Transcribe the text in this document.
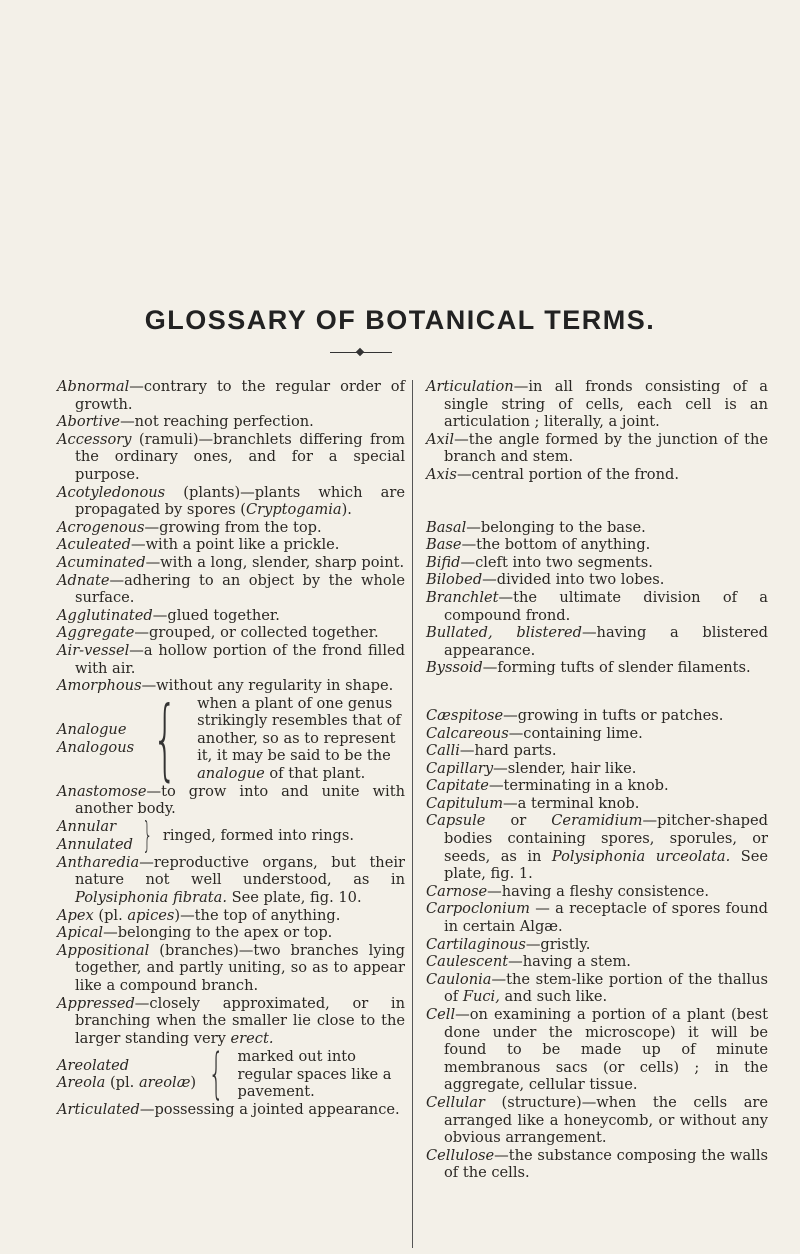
GLOSSARY OF BOTANICAL TERMS.
Abnormal—contrary to the regular order of growth.
Abortive—not reaching perfection.
Accessory (ramuli)—branchlets differing from the ordinary ones, and for a special purpose.
Acotyledonous (plants)—plants which are propagated by spores (Cryptogamia).
Acrogenous—growing from the top.
Aculeated—with a point like a prickle.
Acuminated—with a long, slender, sharp point.
Adnate—adhering to an object by the whole surface.
Agglutinated—glued together.
Aggregate—grouped, or collected together.
Air-vessel—a hollow portion of the frond filled with air.
Amorphous—without any regularity in shape.
Analogue
Analogous { when a plant of one genus
strikingly resembles that of
another, so as to represent
it, it may be said to be the
analogue of that plant.
Anastomose—to grow into and unite with another body.
Annular
Annulated } ringed, formed into rings.
Antharedia—reproductive organs, but their nature not well understood, as in Polysiphonia fibrata. See plate, fig. 10.
Apex (pl. apices)—the top of anything.
Apical—belonging to the apex or top.
Appositional (branches)—two branches lying together, and partly uniting, so as to appear like a compound branch.
Appressed—closely approximated, or in branching when the smaller lie close to the larger standing very erect.
Areolated
Areola (pl. areolæ) { marked out into regular spaces like a pavement.
Articulated—possessing a jointed appearance.
Articulation—in all fronds consisting of a single string of cells, each cell is an articulation ; literally, a joint.
Axil—the angle formed by the junction of the branch and stem.
Axis—central portion of the frond.
Basal—belonging to the base.
Base—the bottom of anything.
Bifid—cleft into two segments.
Bilobed—divided into two lobes.
Branchlet—the ultimate division of a compound frond.
Bullated, blistered—having a blistered appearance.
Byssoid—forming tufts of slender filaments.
Cæspitose—growing in tufts or patches.
Calcareous—containing lime.
Calli—hard parts.
Capillary—slender, hair like.
Capitate—terminating in a knob.
Capitulum—a terminal knob.
Capsule or Ceramidium—pitcher-shaped bodies containing spores, sporules, or seeds, as in Polysiphonia urceolata. See plate, fig. 1.
Carnose—having a fleshy consistence.
Carpoclonium — a receptacle of spores found in certain Algæ.
Cartilaginous—gristly.
Caulescent—having a stem.
Caulonia—the stem-like portion of the thallus of Fuci, and such like.
Cell—on examining a portion of a plant (best done under the microscope) it will be found to be made up of minute membranous sacs (or cells) ; in the aggregate, cellular tissue.
Cellular (structure)—when the cells are arranged like a honeycomb, or without any obvious arrangement.
Cellulose—the substance composing the walls of the cells.
